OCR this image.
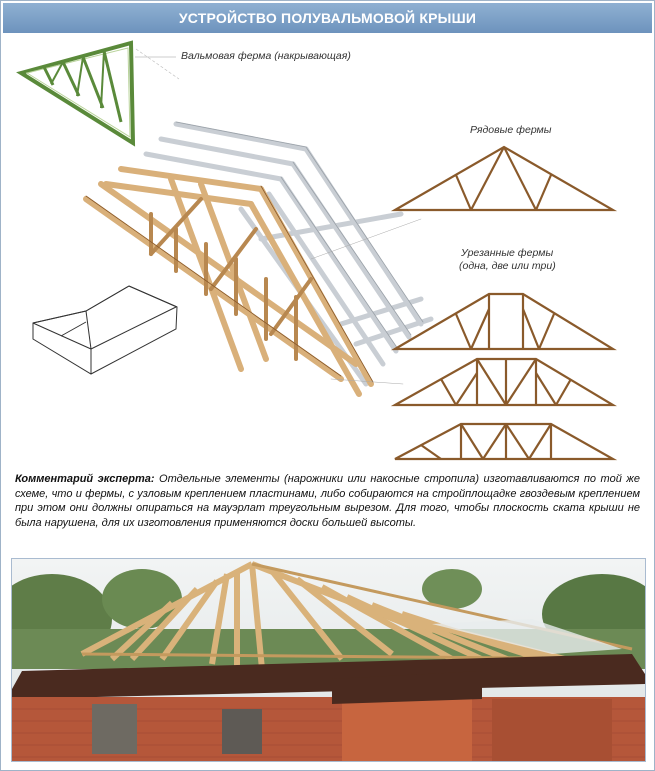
УСТРОЙСТВО ПОЛУВАЛЬМОВОЙ КРЫШИ
Вальмовая ферма (накрывающая)
Рядовые фермы
Урезанные фермы
(одна, две или три)
Комментарий эксперта: Отдельные элементы (нарожники или накосные стропила) изготавливаются по той же схеме, что и фермы, с узловым креплением пластинами, либо собираются на стройплощадке гвоздевым креплением при этом они должны опираться на мауэрлат треугольным вырезом. Для того, чтобы плоскость ската крыши не была нарушена, для их изготовления применяются доски большей высоты.
